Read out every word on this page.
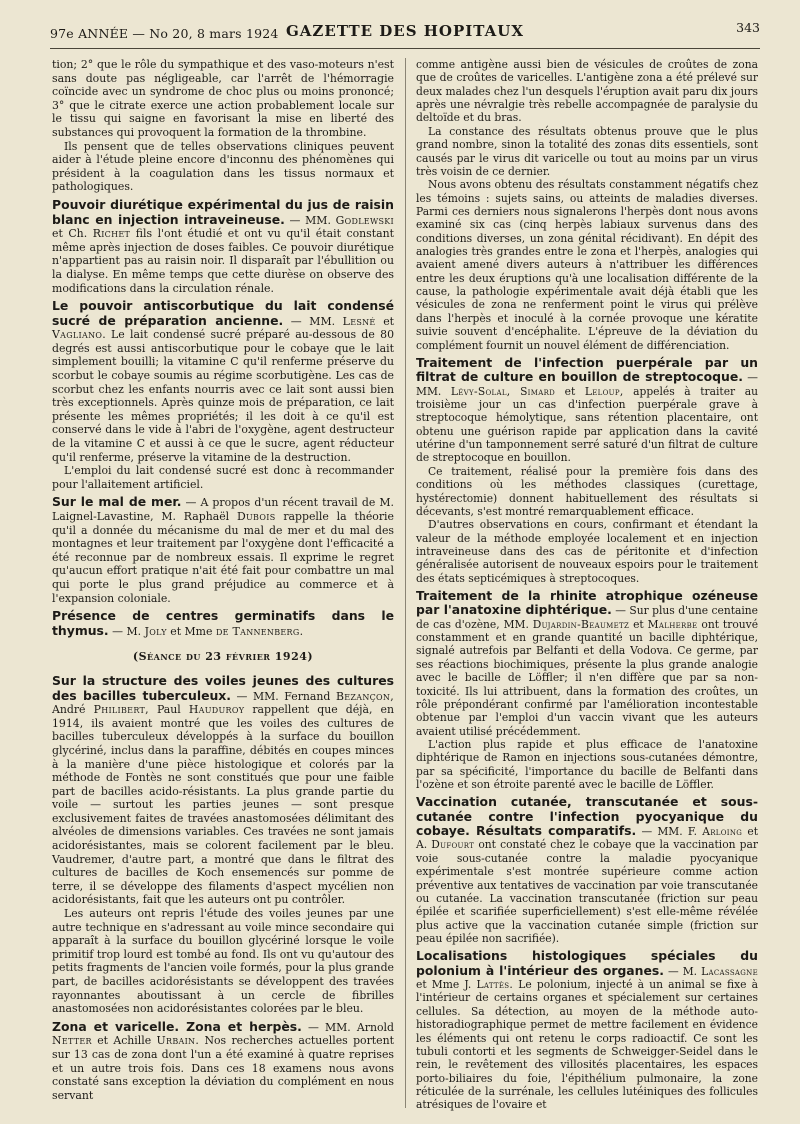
97e ANNÉE — No 20, 8 mars 1924 GAZETTE DES HOPITAUX	343

tion; 2° que le rôle du sympathique et des vaso-moteurs n'est sans doute pas négligeable, car l'arrêt de l'hémorragie coïncide avec un syndrome de choc plus ou moins prononcé; 3° que le citrate exerce une action probablement locale sur le tissu qui saigne en favorisant la mise en liberté des substances qui provoquent la formation de la thrombine.

Ils pensent que de telles observations cliniques peuvent aider à l'étude pleine encore d'inconnu des phénomènes qui président à la coagulation dans les tissus normaux et pathologiques.

Pouvoir diurétique expérimental du jus de raisin blanc en injection intraveineuse. — MM. Godlewski et Ch. Richet fils l'ont étudié et ont vu qu'il était constant même après injection de doses faibles. Ce pouvoir diurétique n'appartient pas au raisin noir. Il disparaît par l'ébullition ou la dialyse. En même temps que cette diurèse on observe des modifications dans la circulation rénale.

Le pouvoir antiscorbutique du lait condensé sucré de préparation ancienne. — MM. Lesné et Vagliano. Le lait condensé sucré préparé au-dessous de 80 degrés est aussi antiscorbutique pour le cobaye que le lait simplement bouilli; la vitamine C qu'il renferme préserve du scorbut le cobaye soumis au régime scorbutigène. Les cas de scorbut chez les enfants nourris avec ce lait sont aussi bien très exceptionnels. Après quinze mois de préparation, ce lait présente les mêmes propriétés; il les doit à ce qu'il est conservé dans le vide à l'abri de l'oxygène, agent destructeur de la vitamine C et aussi à ce que le sucre, agent réducteur qu'il renferme, préserve la vitamine de la destruction.

L'emploi du lait condensé sucré est donc à recommander pour l'allaitement artificiel.

Sur le mal de mer. — A propos d'un récent travail de M. Laignel-Lavastine, M. Raphaël Dubois rappelle la théorie qu'il a donnée du mécanisme du mal de mer et du mal des montagnes et leur traitement par l'oxygène dont l'efficacité a été reconnue par de nombreux essais. Il exprime le regret qu'aucun effort pratique n'ait été fait pour combattre un mal qui porte le plus grand préjudice au commerce et à l'expansion coloniale.

Présence de centres germinatifs dans le thymus. — M. Joly et Mme de Tannenberg.

(Séance du 23 février 1924)

Sur la structure des voiles jeunes des cultures des bacilles tuberculeux. — MM. Fernand Bezançon, André Philibert, Paul Hauduroy rappellent que déjà, en 1914, ils avaient montré que les voiles des cultures de bacilles tuberculeux développés à la surface du bouillon glycériné, inclus dans la paraffine, débités en coupes minces à la manière d'une pièce histologique et colorés par la méthode de Fontès ne sont constitués que pour une faible part de bacilles acido-résistants. La plus grande partie du voile — surtout les parties jeunes — sont presque exclusivement faites de travées anastomosées délimitant des alvéoles de dimensions variables. Ces travées ne sont jamais acidorésistantes, mais se colorent facilement par le bleu. Vaudremer, d'autre part, a montré que dans le filtrat des cultures de bacilles de Koch ensemencés sur pomme de terre, il se développe des filaments d'aspect mycélien non acidorésistants, fait que les auteurs ont pu contrôler.

Les auteurs ont repris l'étude des voiles jeunes par une autre technique en s'adressant au voile mince secondaire qui apparaît à la surface du bouillon glycériné lorsque le voile primitif trop lourd est tombé au fond. Ils ont vu qu'autour des petits fragments de l'ancien voile formés, pour la plus grande part, de bacilles acidorésistants se développent des travées rayonnantes aboutissant à un cercle de fibrilles anastomosées non acidorésistantes colorées par le bleu.

Zona et varicelle. Zona et herpès. — MM. Arnold Netter et Achille Urbain. Nos recherches actuelles portent sur 13 cas de zona dont l'un a été examiné à quatre reprises et un autre trois fois. Dans ces 18 examens nous avons constaté sans exception la déviation du complément en nous servant

comme antigène aussi bien de vésicules de croûtes de zona que de croûtes de varicelles. L'antigène zona a été prélevé sur deux malades chez l'un desquels l'éruption avait paru dix jours après une névralgie très rebelle accompagnée de paralysie du deltoïde et du bras.

La constance des résultats obtenus prouve que le plus grand nombre, sinon la totalité des zonas dits essentiels, sont causés par le virus dit varicelle ou tout au moins par un virus très voisin de ce dernier.

Nous avons obtenu des résultats constamment négatifs chez les témoins : sujets sains, ou atteints de maladies diverses. Parmi ces derniers nous signalerons l'herpès dont nous avons examiné six cas (cinq herpès labiaux survenus dans des conditions diverses, un zona génital récidivant). En dépit des analogies très grandes entre le zona et l'herpès, analogies qui avaient amené divers auteurs à n'attribuer les différences entre les deux éruptions qu'à une localisation différente de la cause, la pathologie expérimentale avait déjà établi que les vésicules de zona ne renferment point le virus qui prélève dans l'herpès et inoculé à la cornée provoque une kératite suivie souvent d'encéphalite. L'épreuve de la déviation du complément fournit un nouvel élément de différenciation.

Traitement de l'infection puerpérale par un filtrat de culture en bouillon de streptocoque. — MM. Lévy-Solal, Simard et Leloup, appelés à traiter au troisième jour un cas d'infection puerpérale grave à streptocoque hémolytique, sans rétention placentaire, ont obtenu une guérison rapide par application dans la cavité utérine d'un tamponnement serré saturé d'un filtrat de culture de streptocoque en bouillon.

Ce traitement, réalisé pour la première fois dans des conditions où les méthodes classiques (curettage, hystérectomie) donnent habituellement des résultats si décevants, s'est montré remarquablement efficace.

D'autres observations en cours, confirmant et étendant la valeur de la méthode employée localement et en injection intraveineuse dans des cas de péritonite et d'infection généralisée autorisent de nouveaux espoirs pour le traitement des états septicémiques à streptocoques.

Traitement de la rhinite atrophique ozéneuse par l'anatoxine diphtérique. — Sur plus d'une centaine de cas d'ozène, MM. Dujardin-Beaumetz et Malherbe ont trouvé constamment et en grande quantité un bacille diphtérique, signalé autrefois par Belfanti et della Vodova. Ce germe, par ses réactions biochimiques, présente la plus grande analogie avec le bacille de Löffler; il n'en diffère que par sa non-toxicité. Ils lui attribuent, dans la formation des croûtes, un rôle prépondérant confirmé par l'amélioration incontestable obtenue par l'emploi d'un vaccin vivant que les auteurs avaient utilisé précédemment.

L'action plus rapide et plus efficace de l'anatoxine diphtérique de Ramon en injections sous-cutanées démontre, par sa spécificité, l'importance du bacille de Belfanti dans l'ozène et son étroite parenté avec le bacille de Löffler.

Vaccination cutanée, transcutanée et sous-cutanée contre l'infection pyocyanique du cobaye. Résultats comparatifs. — MM. F. Arloing et A. Dufourt ont constaté chez le cobaye que la vaccination par voie sous-cutanée contre la maladie pyocyanique expérimentale s'est montrée supérieure comme action préventive aux tentatives de vaccination par voie transcutanée ou cutanée. La vaccination transcutanée (friction sur peau épilée et scarifiée superficiellement) s'est elle-même révélée plus active que la vaccination cutanée simple (friction sur peau épilée non sacrifiée).

Localisations histologiques spéciales du polonium à l'intérieur des organes. — M. Lacassagne et Mme J. Lattès. Le polonium, injecté à un animal se fixe à l'intérieur de certains organes et spécialement sur certaines cellules. Sa détection, au moyen de la méthode auto-historadiographique permet de mettre facilement en évidence les éléments qui ont retenu le corps radioactif. Ce sont les tubuli contorti et les segments de Schweigger-Seidel dans le rein, le revêtement des villosités placentaires, les espaces porto-biliaires du foie, l'épithélium pulmonaire, la zone réticulée de la surrénale, les cellules lutéiniques des follicules atrésiques de l'ovaire et
